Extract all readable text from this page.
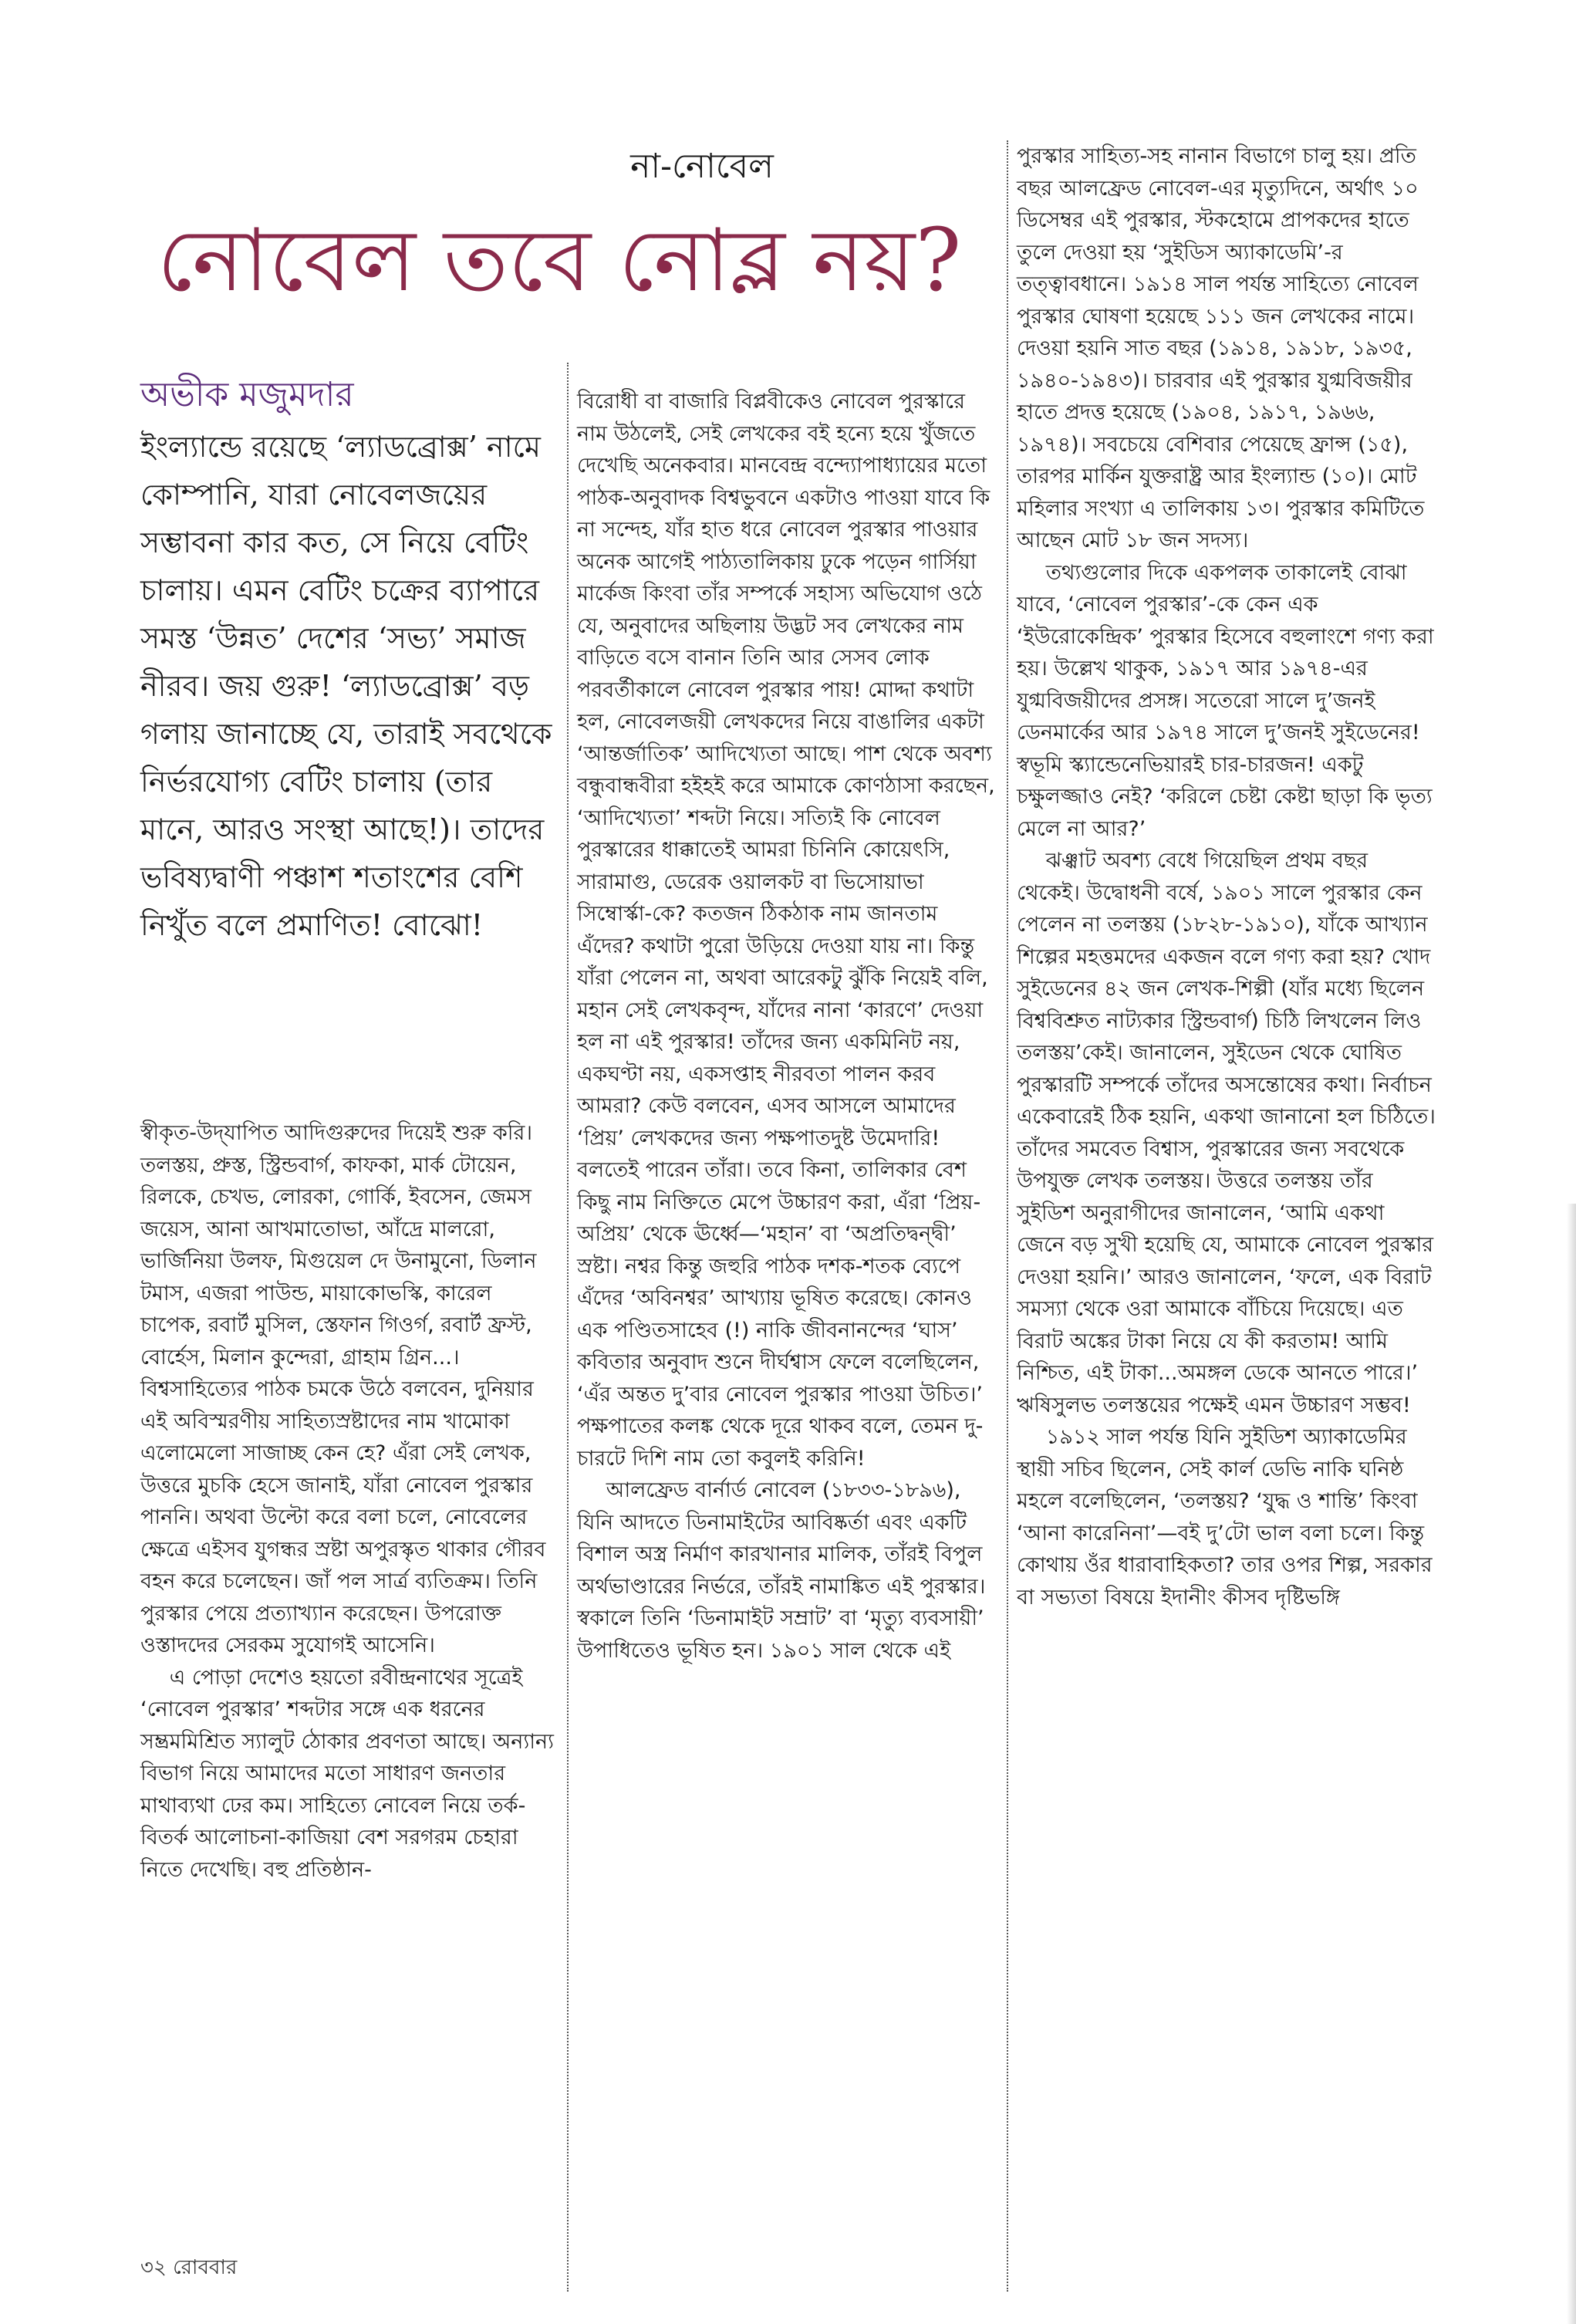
না-নোবেল
নোবেল তবে নোব্ল নয়?
অভীক মজুমদার

ইংল্যান্ডে রয়েছে ‘ল্যাডব্রোক্স’ নামে কোম্পানি, যারা নোবেলজয়ের সম্ভাবনা কার কত, সে নিয়ে বেটিং চালায়। এমন বেটিং চক্রের ব্যাপারে সমস্ত ‘উন্নত’ দেশের ‘সভ্য’ সমাজ নীরব। জয় গুরু! ‘ল্যাডব্রোক্স’ বড় গলায় জানাচ্ছে যে, তারাই সবথেকে নির্ভরযোগ্য বেটিং চালায় (তার মানে, আরও সংস্থা আছে!)। তাদের ভবিষ্যদ্বাণী পঞ্চাশ শতাংশের বেশি নিখুঁত বলে প্রমাণিত! বোঝো!

স্বীকৃত-উদ্‌যাপিত আদিগুরুদের দিয়েই শুরু করি। তলস্তয়, প্রুস্ত, স্ট্রিন্ডবার্গ, কাফকা, মার্ক টোয়েন, রিলকে, চেখভ, লোরকা, গোর্কি, ইবসেন, জেমস জয়েস, আনা আখমাতোভা, আঁদ্রে মালরো, ভার্জিনিয়া উলফ, মিগুয়েল দে উনামুনো, ডিলান টমাস, এজরা পাউন্ড, মায়াকোভস্কি, কারেল চাপেক, রবার্ট মুসিল, স্তেফান গিওর্গ, রবার্ট ফ্রস্ট, বোর্হেস, মিলান কুন্দেরা, গ্রাহাম গ্রিন...। বিশ্বসাহিত্যের পাঠক চমকে উঠে বলবেন, দুনিয়ার এই অবিস্মরণীয় সাহিত্যস্রষ্টাদের নাম খামোকা এলোমেলো সাজাচ্ছ কেন হে? এঁরা সেই লেখক, উত্তরে মুচকি হেসে জানাই, যাঁরা নোবেল পুরস্কার পাননি। অথবা উল্টো করে বলা চলে, নোবেলের ক্ষেত্রে এইসব যুগন্ধর স্রষ্টা অপুরস্কৃত থাকার গৌরব বহন করে চলেছেন। জাঁ পল সার্ত্র ব্যতিক্রম। তিনি পুরস্কার পেয়ে প্রত্যাখ্যান করেছেন। উপরোক্ত ওস্তাদদের সেরকম সুযোগই আসেনি।

এ পোড়া দেশেও হয়তো রবীন্দ্রনাথের সূত্রেই ‘নোবেল পুরস্কার’ শব্দটার সঙ্গে এক ধরনের সম্ভ্রমমিশ্রিত স্যালুট ঠোকার প্রবণতা আছে। অন্যান্য বিভাগ নিয়ে আমাদের মতো সাধারণ জনতার মাথাব্যথা ঢের কম। সাহিত্যে নোবেল নিয়ে তর্ক-বিতর্ক আলোচনা-কাজিয়া বেশ সরগরম চেহারা নিতে দেখেছি। বহু প্রতিষ্ঠান-

বিরোধী বা বাজারি বিপ্লবীকেও নোবেল পুরস্কারে নাম উঠলেই, সেই লেখকের বই হন্যে হয়ে খুঁজতে দেখেছি অনেকবার। মানবেন্দ্র বন্দ্যোপাধ্যায়ের মতো পাঠক-অনুবাদক বিশ্বভুবনে একটাও পাওয়া যাবে কি না সন্দেহ, যাঁর হাত ধরে নোবেল পুরস্কার পাওয়ার অনেক আগেই পাঠ্যতালিকায় ঢুকে পড়েন গার্সিয়া মার্কেজ কিংবা তাঁর সম্পর্কে সহাস্য অভিযোগ ওঠে যে, অনুবাদের অছিলায় উদ্ভট সব লেখকের নাম বাড়িতে বসে বানান তিনি আর সেসব লোক পরবর্তীকালে নোবেল পুরস্কার পায়! মোদ্দা কথাটা হল, নোবেলজয়ী লেখকদের নিয়ে বাঙালির একটা ‘আন্তর্জাতিক’ আদিখ্যেতা আছে। পাশ থেকে অবশ্য বন্ধুবান্ধবীরা হইহই করে আমাকে কোণঠাসা করছেন, ‘আদিখ্যেতা’ শব্দটা নিয়ে। সত্যিই কি নোবেল পুরস্কারের ধাক্কাতেই আমরা চিনিনি কোয়েৎসি, সারামাগু, ডেরেক ওয়ালকট বা ভিসোয়াভা সিম্বোর্স্কা-কে? কতজন ঠিকঠাক নাম জানতাম এঁদের? কথাটা পুরো উড়িয়ে দেওয়া যায় না। কিন্তু যাঁরা পেলেন না, অথবা আরেকটু ঝুঁকি নিয়েই বলি, মহান সেই লেখকবৃন্দ, যাঁদের নানা ‘কারণে’ দেওয়া হল না এই পুরস্কার! তাঁদের জন্য একমিনিট নয়, একঘণ্টা নয়, একসপ্তাহ নীরবতা পালন করব আমরা? কেউ বলবেন, এসব আসলে আমাদের ‘প্রিয়’ লেখকদের জন্য পক্ষপাতদুষ্ট উমেদারি! বলতেই পারেন তাঁরা। তবে কিনা, তালিকার বেশ কিছু নাম নিক্তিতে মেপে উচ্চারণ করা, এঁরা ‘প্রিয়-অপ্রিয়’ থেকে ঊর্ধ্বে—‘মহান’ বা ‘অপ্রতিদ্বন্দ্বী’ স্রষ্টা। নশ্বর কিন্তু জহুরি পাঠক দশক-শতক ব্যেপে এঁদের ‘অবিনশ্বর’ আখ্যায় ভূষিত করেছে। কোনও এক পণ্ডিতসাহেব (!) নাকি জীবনানন্দের ‘ঘাস’ কবিতার অনুবাদ শুনে দীর্ঘশ্বাস ফেলে বলেছিলেন, ‘এঁর অন্তত দু’বার নোবেল পুরস্কার পাওয়া উচিত।’ পক্ষপাতের কলঙ্ক থেকে দূরে থাকব বলে, তেমন দু-চারটে দিশি নাম তো কবুলই করিনি!

আলফ্রেড বার্নার্ড নোবেল (১৮৩৩-১৮৯৬), যিনি আদতে ডিনামাইটের আবিষ্কর্তা এবং একটি বিশাল অস্ত্র নির্মাণ কারখানার মালিক, তাঁরই বিপুল অর্থভাণ্ডারের নির্ভরে, তাঁরই নামাঙ্কিত এই পুরস্কার। স্বকালে তিনি ‘ডিনামাইট সম্রাট’ বা ‘মৃত্যু ব্যবসায়ী’ উপাধিতেও ভূষিত হন। ১৯০১ সাল থেকে এই

পুরস্কার সাহিত্য-সহ নানান বিভাগে চালু হয়। প্রতি বছর আলফ্রেড নোবেল-এর মৃত্যুদিনে, অর্থাৎ ১০ ডিসেম্বর এই পুরস্কার, স্টকহোমে প্রাপকদের হাতে তুলে দেওয়া হয় ‘সুইডিস অ্যাকাডেমি’-র তত্ত্বাবধানে। ১৯১৪ সাল পর্যন্ত সাহিত্যে নোবেল পুরস্কার ঘোষণা হয়েছে ১১১ জন লেখকের নামে। দেওয়া হয়নি সাত বছর (১৯১৪, ১৯১৮, ১৯৩৫, ১৯৪০-১৯৪৩)। চারবার এই পুরস্কার যুগ্মবিজয়ীর হাতে প্রদত্ত হয়েছে (১৯০৪, ১৯১৭, ১৯৬৬, ১৯৭৪)। সবচেয়ে বেশিবার পেয়েছে ফ্রান্স (১৫), তারপর মার্কিন যুক্তরাষ্ট্র আর ইংল্যান্ড (১০)। মোট মহিলার সংখ্যা এ তালিকায় ১৩। পুরস্কার কমিটিতে আছেন মোট ১৮ জন সদস্য।

তথ্যগুলোর দিকে একপলক তাকালেই বোঝা যাবে, ‘নোবেল পুরস্কার’-কে কেন এক ‘ইউরোকেন্দ্রিক’ পুরস্কার হিসেবে বহুলাংশে গণ্য করা হয়। উল্লেখ থাকুক, ১৯১৭ আর ১৯৭৪-এর যুগ্মবিজয়ীদের প্রসঙ্গ। সতেরো সালে দু’জনই ডেনমার্কের আর ১৯৭৪ সালে দু’জনই সুইডেনের! স্বভূমি স্ক্যান্ডেনেভিয়ারই চার-চারজন! একটু চক্ষুলজ্জাও নেই? ‘করিলে চেষ্টা কেষ্টা ছাড়া কি ভৃত্য মেলে না আর?’

ঝঞ্ঝাট অবশ্য বেধে গিয়েছিল প্রথম বছর থেকেই। উদ্বোধনী বর্ষে, ১৯০১ সালে পুরস্কার কেন পেলেন না তলস্তয় (১৮২৮-১৯১০), যাঁকে আখ্যান শিল্পের মহত্তমদের একজন বলে গণ্য করা হয়? খোদ সুইডেনের ৪২ জন লেখক-শিল্পী (যাঁর মধ্যে ছিলেন বিশ্ববিশ্রুত নাট্যকার স্ট্রিন্ডবার্গ) চিঠি লিখলেন লিও তলস্তয়’কেই। জানালেন, সুইডেন থেকে ঘোষিত পুরস্কারটি সম্পর্কে তাঁদের অসন্তোষের কথা। নির্বাচন একেবারেই ঠিক হয়নি, একথা জানানো হল চিঠিতে। তাঁদের সমবেত বিশ্বাস, পুরস্কারের জন্য সবথেকে উপযুক্ত লেখক তলস্তয়। উত্তরে তলস্তয় তাঁর সুইডিশ অনুরাগীদের জানালেন, ‘আমি একথা জেনে বড় সুখী হয়েছি যে, আমাকে নোবেল পুরস্কার দেওয়া হয়নি।’ আরও জানালেন, ‘ফলে, এক বিরাট সমস্যা থেকে ওরা আমাকে বাঁচিয়ে দিয়েছে। এত বিরাট অঙ্কের টাকা নিয়ে যে কী করতাম! আমি নিশ্চিত, এই টাকা...অমঙ্গল ডেকে আনতে পারে।’ ঋষিসুলভ তলস্তয়ের পক্ষেই এমন উচ্চারণ সম্ভব!

১৯১২ সাল পর্যন্ত যিনি সুইডিশ অ্যাকাডেমির স্থায়ী সচিব ছিলেন, সেই কার্ল ডেভি নাকি ঘনিষ্ঠ মহলে বলেছিলেন, ‘তলস্তয়? ‘যুদ্ধ ও শান্তি’ কিংবা ‘আনা কারেনিনা’—বই দু’টো ভাল বলা চলে। কিন্তু কোথায় ওঁর ধারাবাহিকতা? তার ওপর শিল্প, সরকার বা সভ্যতা বিষয়ে ইদানীং কীসব দৃষ্টিভঙ্গি

৩২ রোববার
